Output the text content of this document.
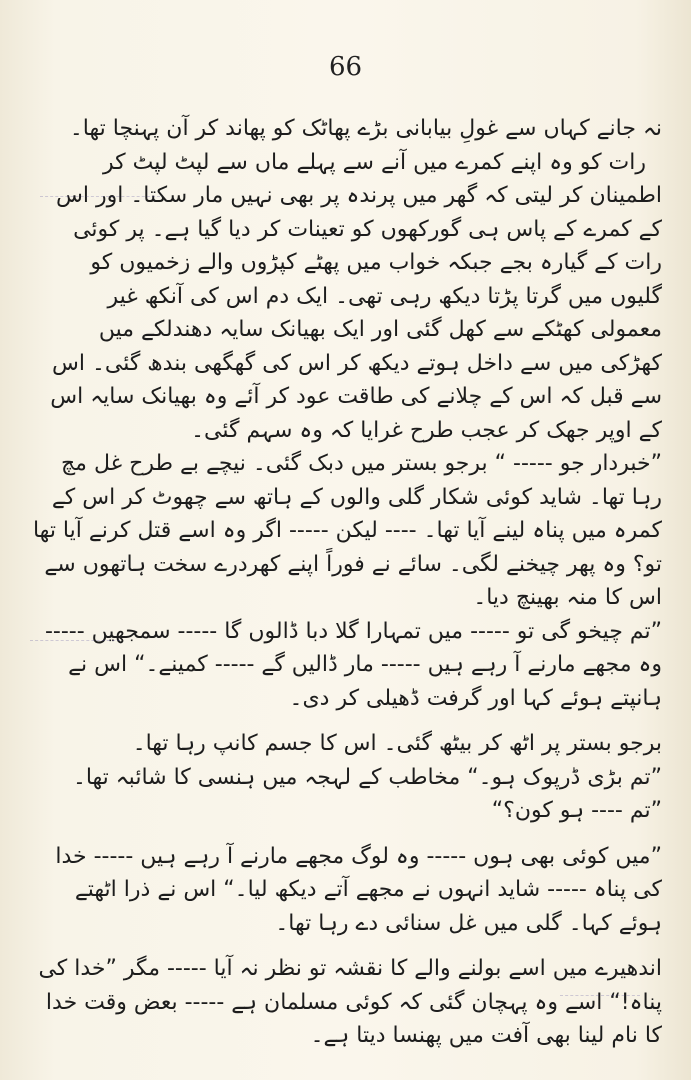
66

نہ جانے کہاں سے غولِ بیابانی بڑے پھاٹک کو پھاند کر آن پہنچا تھا۔

رات کو وہ اپنے کمرے میں آنے سے پہلے ماں سے لپٹ لپٹ کر اطمینان کر لیتی کہ گھر میں پرندہ پر بھی نہیں مار سکتا۔ اور اس کے کمرے کے پاس ہی گورکھوں کو تعینات کر دیا گیا ہے۔ پر کوئی رات کے گیارہ بجے جبکہ خواب میں پھٹے کپڑوں والے زخمیوں کو گلیوں میں گرتا پڑتا دیکھ رہی تھی۔ ایک دم اس کی آنکھ غیر معمولی کھٹکے سے کھل گئی اور ایک بھیانک سایہ دھندلکے میں کھڑکی میں سے داخل ہوتے دیکھ کر اس کی گھگھی بندھ گئی۔ اس سے قبل کہ اس کے چلانے کی طاقت عود کر آئے وہ بھیانک سایہ اس کے اوپر جھک کر عجب طرح غرایا کہ وہ سہم گئی۔

”خبردار جو ----- “ برجو بستر میں دبک گئی۔ نیچے بے طرح غل مچ رہا تھا۔ شاید کوئی شکار گلی والوں کے ہاتھ سے چھوٹ کر اس کے کمرہ میں پناہ لینے آیا تھا۔ ---- لیکن ----- اگر وہ اسے قتل کرنے آیا تھا تو؟ وہ پھر چیخنے لگی۔ سائے نے فوراً اپنے کھردرے سخت ہاتھوں سے اس کا منہ بھینچ دیا۔

”تم چیخو گی تو ----- میں تمہارا گلا دبا ڈالوں گا ----- سمجھیں ----- وہ مجھے مارنے آ رہے ہیں ----- مار ڈالیں گے ----- کمینے۔“ اس نے ہانپتے ہوئے کہا اور گرفت ڈھیلی کر دی۔

برجو بستر پر اٹھ کر بیٹھ گئی۔ اس کا جسم کانپ رہا تھا۔

”تم بڑی ڈرپوک ہو۔“ مخاطب کے لہجہ میں ہنسی کا شائبہ تھا۔

”تم ---- ہو کون؟“

”میں کوئی بھی ہوں ----- وہ لوگ مجھے مارنے آ رہے ہیں ----- خدا کی پناہ ----- شاید انہوں نے مجھے آتے دیکھ لیا۔“ اس نے ذرا اٹھتے ہوئے کہا۔ گلی میں غل سنائی دے رہا تھا۔

اندھیرے میں اسے بولنے والے کا نقشہ تو نظر نہ آیا ----- مگر ”خدا کی پناہ!“ اسے وہ پہچان گئی کہ کوئی مسلمان ہے ----- بعض وقت خدا کا نام لینا بھی آفت میں پھنسا دیتا ہے۔
